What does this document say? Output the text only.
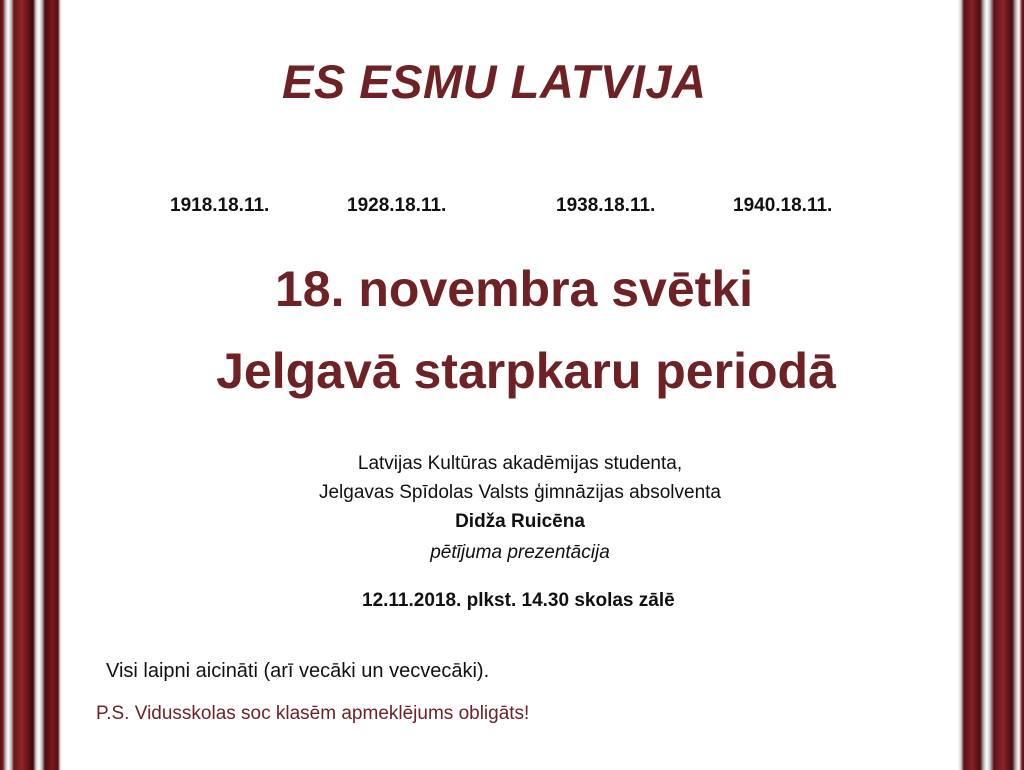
ES ESMU LATVIJA
1918.18.11.	1928.18.11.	1938.18.11.	1940.18.11.
18. novembra svētki
Jelgavā starpkaru periodā
Latvijas Kultūras akadēmijas studenta,
Jelgavas Spīdolas Valsts ģimnāzijas absolventa
Didža Ruicēna
pētījuma prezentācija
12.11.2018. plkst. 14.30 skolas zālē
Visi laipni aicināti (arī vecāki un vecvecāki).
P.S. Vidusskolas soc klasēm apmeklējums obligāts!
